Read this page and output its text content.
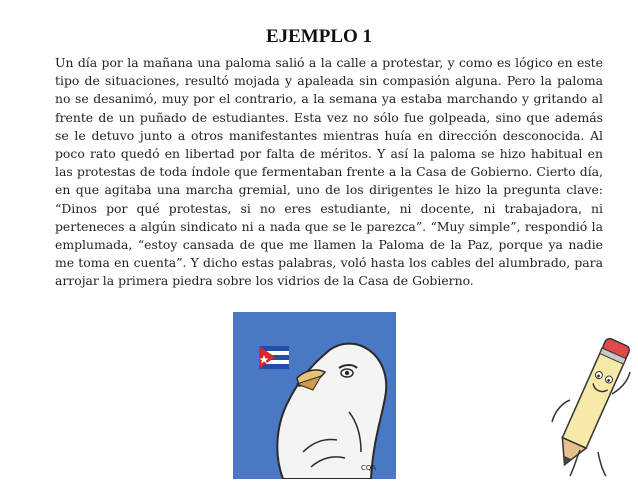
EJEMPLO 1

Un día por la mañana una paloma salió a la calle a protestar, y como es lógico en este tipo de situaciones, resultó mojada y apaleada sin compasión alguna. Pero la paloma no se desanimó, muy por el contrario, a la semana ya estaba marchando y gritando al frente de un puñado de estudiantes. Esta vez no sólo fue golpeada, sino que además se le detuvo junto a otros manifestantes mientras huía en dirección desconocida. Al poco rato quedó en libertad por falta de méritos. Y así la paloma se hizo habitual en las protestas de toda índole que fermentaban frente a la Casa de Gobierno. Cierto día, en que agitaba una marcha gremial, uno de los dirigentes le hizo la pregunta clave: “Dinos por qué protestas, si no eres estudiante, ni docente, ni trabajadora, ni perteneces a algún sindicato ni a nada que se le parezca”. “Muy simple”, respondió la emplumada, “estoy cansada de que me llamen la Paloma de la Paz, porque ya nadie me toma en cuenta”. Y dicho estas palabras, voló hasta los cables del alumbrado, para arrojar la primera piedra sobre los vidrios de la Casa de Gobierno.

CQA
